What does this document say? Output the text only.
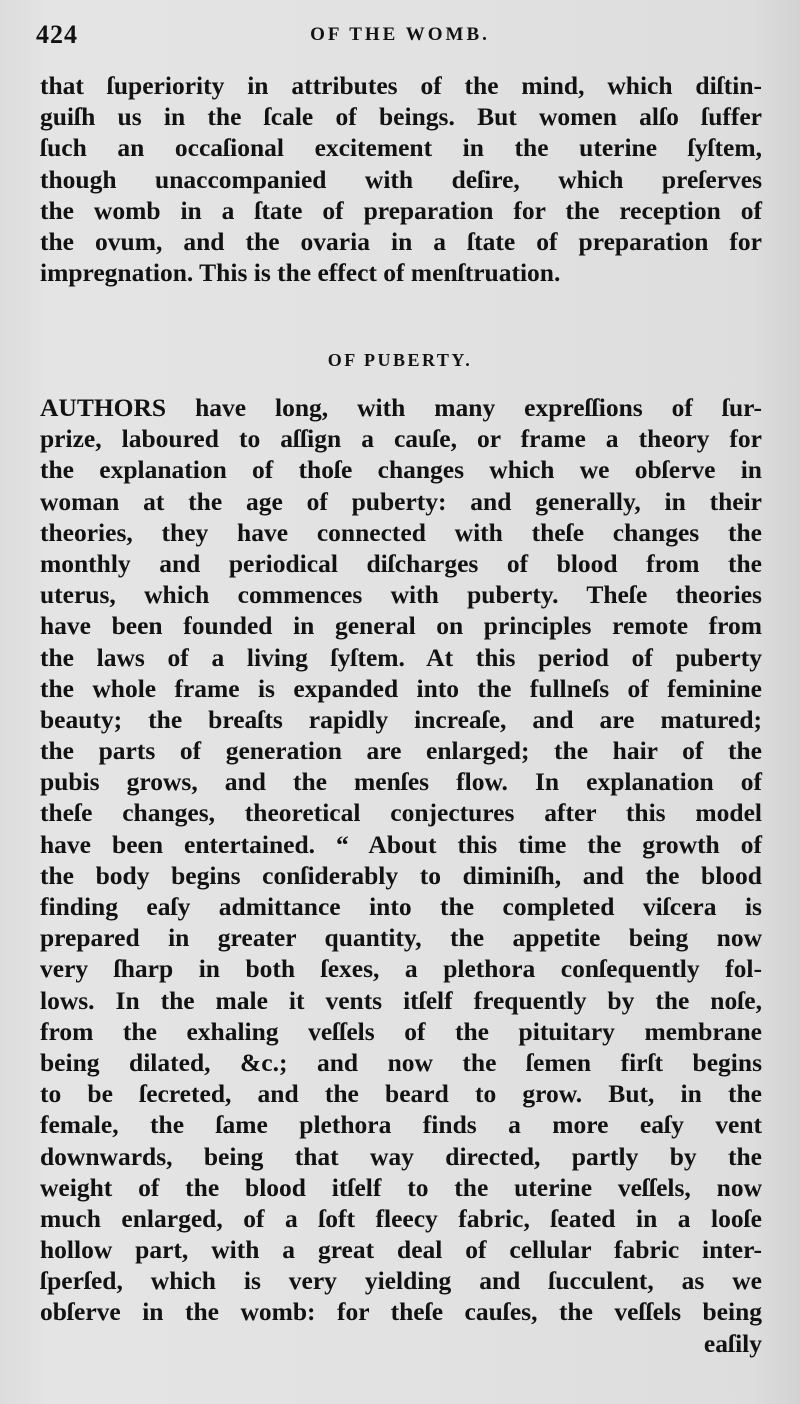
424	OF THE WOMB.
that ſuperiority in attributes of the mind, which diſtin-
guiſh us in the ſcale of beings. But women alſo ſuffer
ſuch an occaſional excitement in the uterine ſyſtem,
though unaccompanied with deſire, which preſerves
the womb in a ſtate of preparation for the reception of
the ovum, and the ovaria in a ſtate of preparation for
impregnation. This is the effect of menſtruation.
OF PUBERTY.
AUTHORS have long, with many expreſſions of ſur-
prize, laboured to aſſign a cauſe, or frame a theory for
the explanation of thoſe changes which we obſerve in
woman at the age of puberty: and generally, in their
theories, they have connected with theſe changes the
monthly and periodical diſcharges of blood from the
uterus, which commences with puberty. Theſe theories
have been founded in general on principles remote from
the laws of a living ſyſtem. At this period of puberty
the whole frame is expanded into the fullneſs of feminine
beauty; the breaſts rapidly increaſe, and are matured;
the parts of generation are enlarged; the hair of the
pubis grows, and the menſes flow. In explanation of
theſe changes, theoretical conjectures after this model
have been entertained. “ About this time the growth of
the body begins conſiderably to diminiſh, and the blood
finding eaſy admittance into the completed viſcera is
prepared in greater quantity, the appetite being now
very ſharp in both ſexes, a plethora conſequently fol-
lows. In the male it vents itſelf frequently by the noſe,
from the exhaling veſſels of the pituitary membrane
being dilated, &c.; and now the ſemen firſt begins
to be ſecreted, and the beard to grow. But, in the
female, the ſame plethora finds a more eaſy vent
downwards, being that way directed, partly by the
weight of the blood itſelf to the uterine veſſels, now
much enlarged, of a ſoft fleecy fabric, ſeated in a looſe
hollow part, with a great deal of cellular fabric inter-
ſperſed, which is very yielding and ſucculent, as we
obſerve in the womb: for theſe cauſes, the veſſels being
eaſily
